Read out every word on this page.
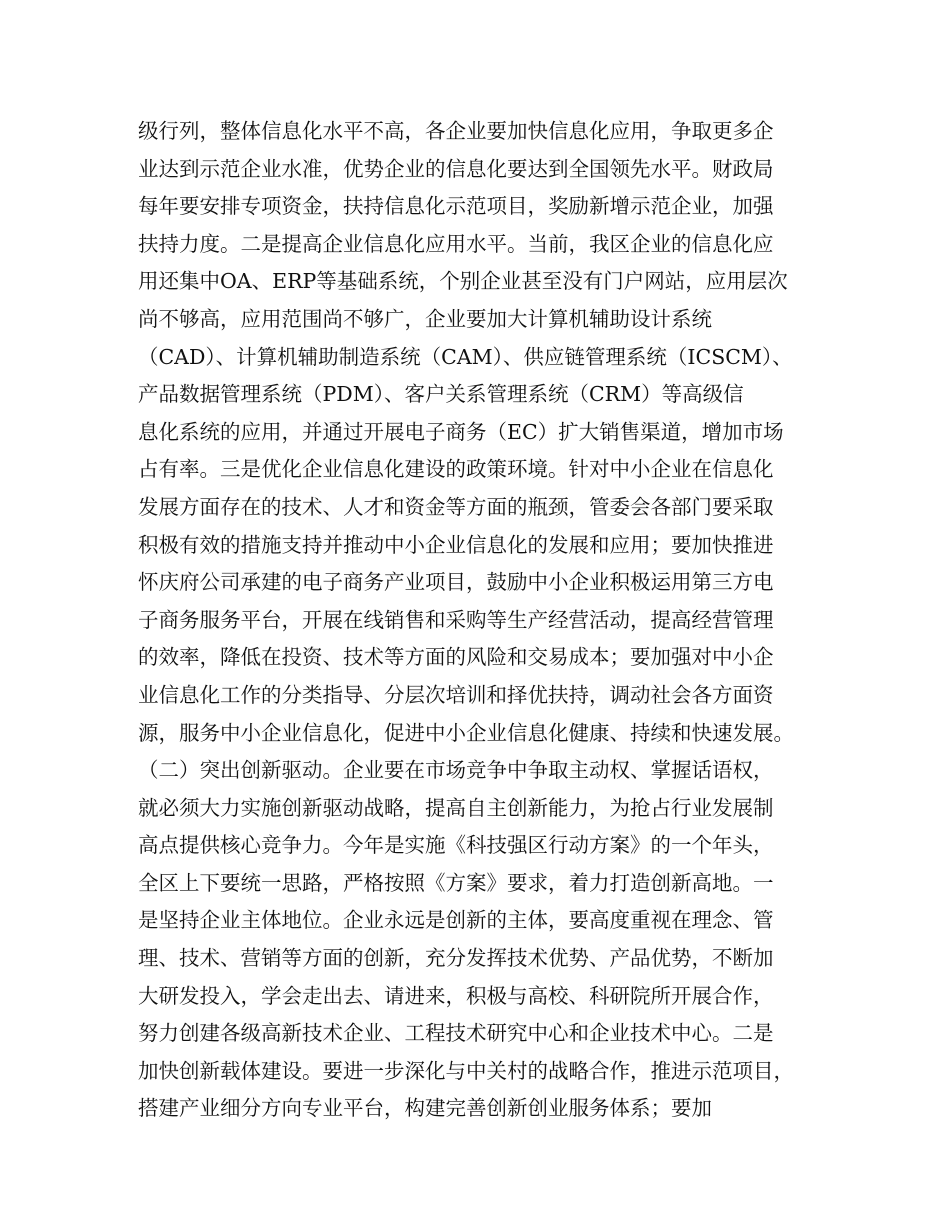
级行列，整体信息化水平不高，各企业要加快信息化应用，争取更多企
业达到示范企业水准，优势企业的信息化要达到全国领先水平。财政局
每年要安排专项资金，扶持信息化示范项目，奖励新增示范企业，加强
扶持力度。二是提高企业信息化应用水平。当前，我区企业的信息化应
用还集中OA、ERP等基础系统，个别企业甚至没有门户网站，应用层次
尚不够高，应用范围尚不够广，企业要加大计算机辅助设计系统
（CAD）、计算机辅助制造系统（CAM）、供应链管理系统（ICSCM）、
产品数据管理系统（PDM）、客户关系管理系统（CRM）等高级信
息化系统的应用，并通过开展电子商务（EC）扩大销售渠道，增加市场
占有率。三是优化企业信息化建设的政策环境。针对中小企业在信息化
发展方面存在的技术、人才和资金等方面的瓶颈，管委会各部门要采取
积极有效的措施支持并推动中小企业信息化的发展和应用；要加快推进
怀庆府公司承建的电子商务产业项目，鼓励中小企业积极运用第三方电
子商务服务平台，开展在线销售和采购等生产经营活动，提高经营管理
的效率，降低在投资、技术等方面的风险和交易成本；要加强对中小企
业信息化工作的分类指导、分层次培训和择优扶持，调动社会各方面资
源，服务中小企业信息化，促进中小企业信息化健康、持续和快速发展。
（二）突出创新驱动。企业要在市场竞争中争取主动权、掌握话语权，
就必须大力实施创新驱动战略，提高自主创新能力，为抢占行业发展制
高点提供核心竞争力。今年是实施《科技强区行动方案》的一个年头，
全区上下要统一思路，严格按照《方案》要求，着力打造创新高地。一
是坚持企业主体地位。企业永远是创新的主体，要高度重视在理念、管
理、技术、营销等方面的创新，充分发挥技术优势、产品优势，不断加
大研发投入，学会走出去、请进来，积极与高校、科研院所开展合作，
努力创建各级高新技术企业、工程技术研究中心和企业技术中心。二是
加快创新载体建设。要进一步深化与中关村的战略合作，推进示范项目，
搭建产业细分方向专业平台，构建完善创新创业服务体系；要加
